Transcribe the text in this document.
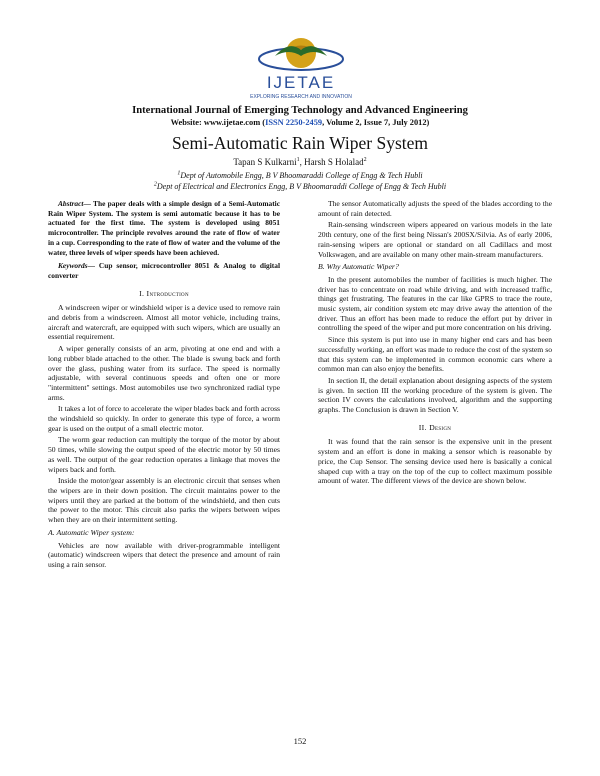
IJETAE
EXPLORING RESEARCH AND INNOVATION
International Journal of Emerging Technology and Advanced Engineering
Website: www.ijetae.com (ISSN 2250-2459, Volume 2, Issue 7, July 2012)
Semi-Automatic Rain Wiper System
Tapan S Kulkarni$^1$, Harsh S Holalad$^2$
$^1$Dept of Automobile Engg, B V Bhoomaraddi College of Engg & Tech Hubli
$^2$Dept of Electrical and Electronics Engg, B V Bhoomaraddi College of Engg & Tech Hubli

Abstract— The paper deals with a simple design of a Semi-Automatic Rain Wiper System. The system is semi automatic because it has to be actuated for the first time. The system is developed using 8051 microcontroller. The principle revolves around the rate of flow of water in a cup. Corresponding to the rate of flow of water and the volume of the water, three levels of wiper speeds have been achieved.

Keywords— Cup sensor, microcontroller 8051 & Analog to digital converter

I. Introduction

A windscreen wiper or windshield wiper is a device used to remove rain and debris from a windscreen. Almost all motor vehicle, including trains, aircraft and watercraft, are equipped with such wipers, which are usually an essential requirement.

A wiper generally consists of an arm, pivoting at one end and with a long rubber blade attached to the other. The blade is swung back and forth over the glass, pushing water from its surface. The speed is normally adjustable, with several continuous speeds and often one or more "intermittent" settings. Most automobiles use two synchronized radial type arms.

It takes a lot of force to accelerate the wiper blades back and forth across the windshield so quickly. In order to generate this type of force, a worm gear is used on the output of a small electric motor.

The worm gear reduction can multiply the torque of the motor by about 50 times, while slowing the output speed of the electric motor by 50 times as well. The output of the gear reduction operates a linkage that moves the wipers back and forth.

Inside the motor/gear assembly is an electronic circuit that senses when the wipers are in their down position. The circuit maintains power to the wipers until they are parked at the bottom of the windshield, and then cuts the power to the motor. This circuit also parks the wipers between wipes when they are on their intermittent setting.

A. Automatic Wiper system:

Vehicles are now available with driver-programmable intelligent (automatic) windscreen wipers that detect the presence and amount of rain using a rain sensor.

The sensor Automatically adjusts the speed of the blades according to the amount of rain detected.

Rain-sensing windscreen wipers appeared on various models in the late 20th century, one of the first being Nissan's 200SX/Silvia. As of early 2006, rain-sensing wipers are optional or standard on all Cadillacs and most Volkswagen, and are available on many other main-stream manufacturers.

B. Why Automatic Wiper?

In the present automobiles the number of facilities is much higher. The driver has to concentrate on road while driving, and with increased traffic, things get frustrating. The features in the car like GPRS to trace the route, music system, air condition system etc may drive away the attention of the driver. Thus an effort has been made to reduce the effort put by driver in controlling the speed of the wiper and put more concentration on his driving.

Since this system is put into use in many higher end cars and has been successfully working, an effort was made to reduce the cost of the system so that this system can be implemented in common economic cars where a common man can also enjoy the benefits.

In section II, the detail explanation about designing aspects of the system is given. In section III the working procedure of the system is given. The section IV covers the calculations involved, algorithm and the supporting graphs. The Conclusion is drawn in Section V.

II. Design

It was found that the rain sensor is the expensive unit in the present system and an effort is done in making a sensor which is reasonable by price, the Cup Sensor. The sensing device used here is basically a conical shaped cup with a tray on the top of the cup to collect maximum possible amount of water. The different views of the device are shown below.

152
